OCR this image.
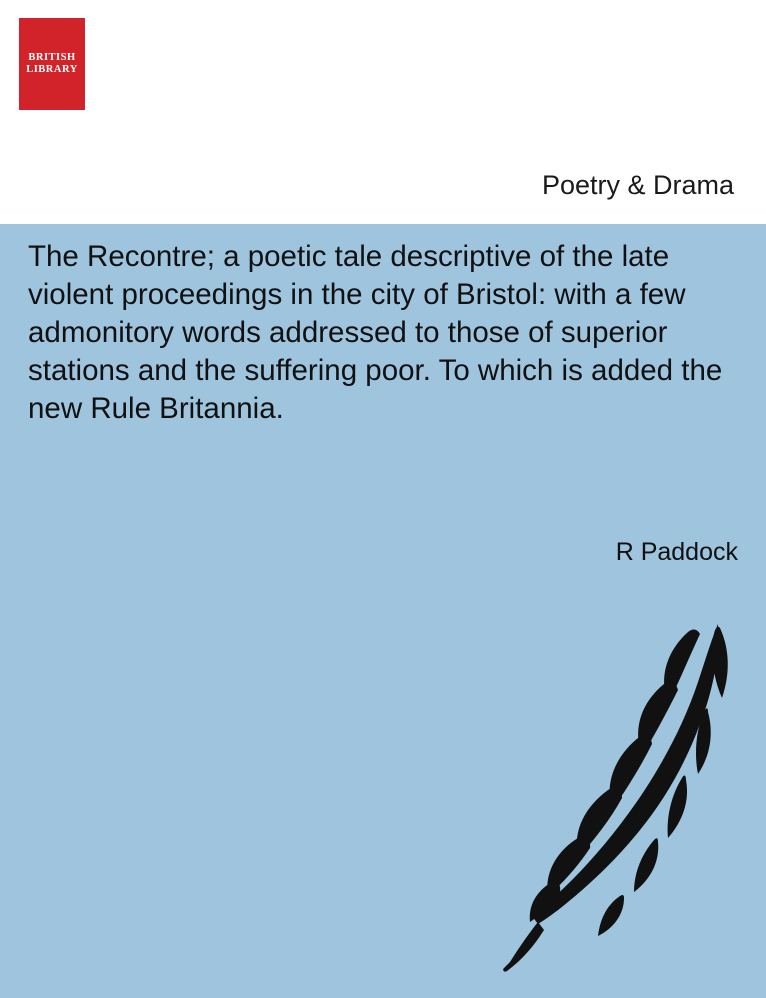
BRITISH
LIBRARY
Poetry & Drama
The Recontre; a poetic tale descriptive of the late violent proceedings in the city of Bristol: with a few admonitory words addressed to those of superior stations and the suffering poor. To which is added the new Rule Britannia.
R Paddock
